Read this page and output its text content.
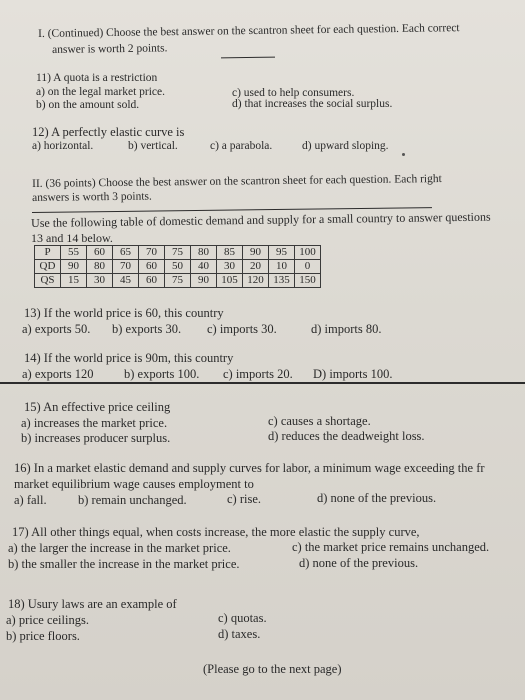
I. (Continued) Choose the best answer on the scantron sheet for each question. Each correct
answer is worth 2 points.
11) A quota is a restriction
a) on the legal market price.
b) on the amount sold.
c) used to help consumers.
d) that increases the social surplus.
12) A perfectly elastic curve is
a) horizontal.	b) vertical.	c) a parabola.	d) upward sloping.
II. (36 points) Choose the best answer on the scantron sheet for each question. Each right
answers is worth 3 points.
Use the following table of domestic demand and supply for a small country to answer questions
13 and 14 below.
P	55	60	65	70	75	80	85	90	95	100
QD	90	80	70	60	50	40	30	20	10	0
QS	15	30	45	60	75	90	105	120	135	150
13) If the world price is 60, this country
a) exports 50. b) exports 30. c) imports 30.	d) imports 80.
14) If the world price is 90m, this country
a) exports 120 b) exports 100. c) imports 20. D) imports 100.
15) An effective price ceiling
a) increases the market price.
b) increases producer surplus.
c) causes a shortage.
d) reduces the deadweight loss.
16) In a market elastic demand and supply curves for labor, a minimum wage exceeding the fr
market equilibrium wage causes employment to
a) fall.	b) remain unchanged.	c) rise.	d) none of the previous.
17) All other things equal, when costs increase, the more elastic the supply curve,
a) the larger the increase in the market price.
b) the smaller the increase in the market price.
c) the market price remains unchanged.
d) none of the previous.
18) Usury laws are an example of
a) price ceilings.
b) price floors.
c) quotas.
d) taxes.
(Please go to the next page)
